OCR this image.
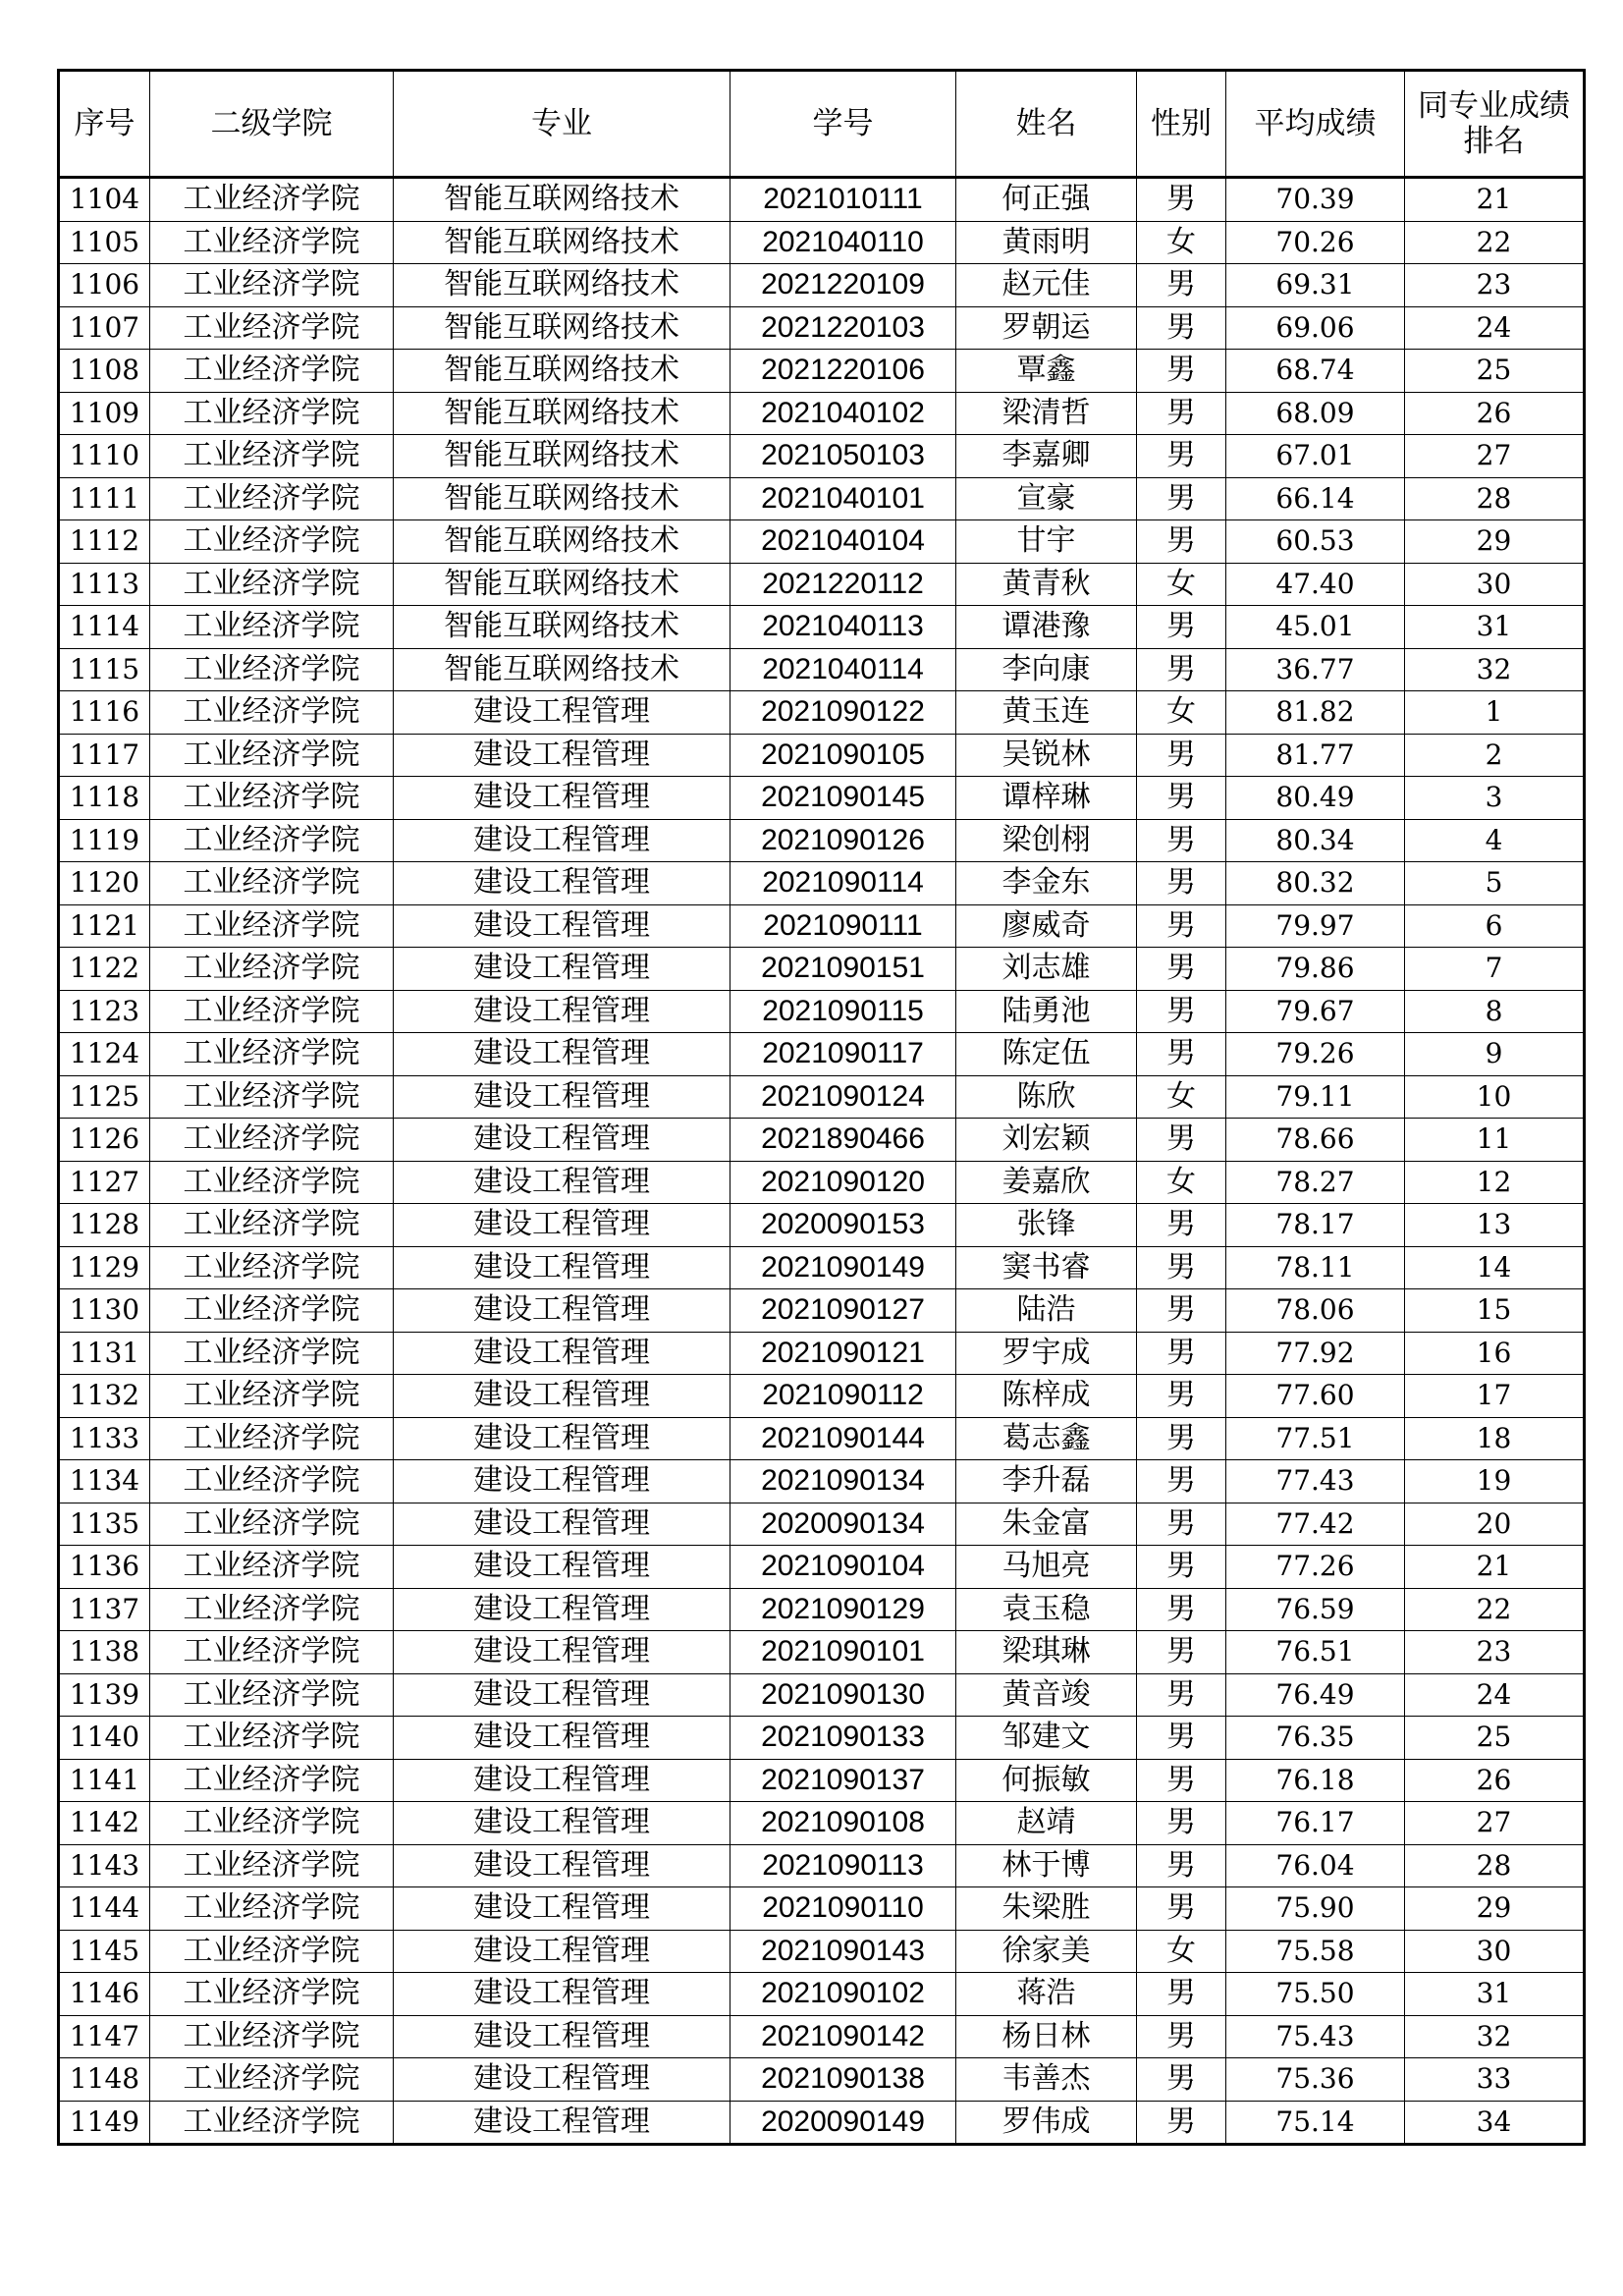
序号	二级学院	专业	学号	姓名	性别	平均成绩	同专业成绩排名
1104	工业经济学院	智能互联网络技术	2021010111	何正强	男	70.39	21
1105	工业经济学院	智能互联网络技术	2021040110	黄雨明	女	70.26	22
1106	工业经济学院	智能互联网络技术	2021220109	赵元佳	男	69.31	23
1107	工业经济学院	智能互联网络技术	2021220103	罗朝运	男	69.06	24
1108	工业经济学院	智能互联网络技术	2021220106	覃鑫	男	68.74	25
1109	工业经济学院	智能互联网络技术	2021040102	梁清哲	男	68.09	26
1110	工业经济学院	智能互联网络技术	2021050103	李嘉卿	男	67.01	27
1111	工业经济学院	智能互联网络技术	2021040101	宣豪	男	66.14	28
1112	工业经济学院	智能互联网络技术	2021040104	甘宇	男	60.53	29
1113	工业经济学院	智能互联网络技术	2021220112	黄青秋	女	47.40	30
1114	工业经济学院	智能互联网络技术	2021040113	谭港豫	男	45.01	31
1115	工业经济学院	智能互联网络技术	2021040114	李向康	男	36.77	32
1116	工业经济学院	建设工程管理	2021090122	黄玉连	女	81.82	1
1117	工业经济学院	建设工程管理	2021090105	吴锐林	男	81.77	2
1118	工业经济学院	建设工程管理	2021090145	谭梓琳	男	80.49	3
1119	工业经济学院	建设工程管理	2021090126	梁创栩	男	80.34	4
1120	工业经济学院	建设工程管理	2021090114	李金东	男	80.32	5
1121	工业经济学院	建设工程管理	2021090111	廖威奇	男	79.97	6
1122	工业经济学院	建设工程管理	2021090151	刘志雄	男	79.86	7
1123	工业经济学院	建设工程管理	2021090115	陆勇池	男	79.67	8
1124	工业经济学院	建设工程管理	2021090117	陈定伍	男	79.26	9
1125	工业经济学院	建设工程管理	2021090124	陈欣	女	79.11	10
1126	工业经济学院	建设工程管理	2021890466	刘宏颖	男	78.66	11
1127	工业经济学院	建设工程管理	2021090120	姜嘉欣	女	78.27	12
1128	工业经济学院	建设工程管理	2020090153	张锋	男	78.17	13
1129	工业经济学院	建设工程管理	2021090149	窦书睿	男	78.11	14
1130	工业经济学院	建设工程管理	2021090127	陆浩	男	78.06	15
1131	工业经济学院	建设工程管理	2021090121	罗宇成	男	77.92	16
1132	工业经济学院	建设工程管理	2021090112	陈梓成	男	77.60	17
1133	工业经济学院	建设工程管理	2021090144	葛志鑫	男	77.51	18
1134	工业经济学院	建设工程管理	2021090134	李升磊	男	77.43	19
1135	工业经济学院	建设工程管理	2020090134	朱金富	男	77.42	20
1136	工业经济学院	建设工程管理	2021090104	马旭亮	男	77.26	21
1137	工业经济学院	建设工程管理	2021090129	袁玉稳	男	76.59	22
1138	工业经济学院	建设工程管理	2021090101	梁琪琳	男	76.51	23
1139	工业经济学院	建设工程管理	2021090130	黄音竣	男	76.49	24
1140	工业经济学院	建设工程管理	2021090133	邹建文	男	76.35	25
1141	工业经济学院	建设工程管理	2021090137	何振敏	男	76.18	26
1142	工业经济学院	建设工程管理	2021090108	赵靖	男	76.17	27
1143	工业经济学院	建设工程管理	2021090113	林于博	男	76.04	28
1144	工业经济学院	建设工程管理	2021090110	朱梁胜	男	75.90	29
1145	工业经济学院	建设工程管理	2021090143	徐家美	女	75.58	30
1146	工业经济学院	建设工程管理	2021090102	蒋浩	男	75.50	31
1147	工业经济学院	建设工程管理	2021090142	杨日林	男	75.43	32
1148	工业经济学院	建设工程管理	2021090138	韦善杰	男	75.36	33
1149	工业经济学院	建设工程管理	2020090149	罗伟成	男	75.14	34
